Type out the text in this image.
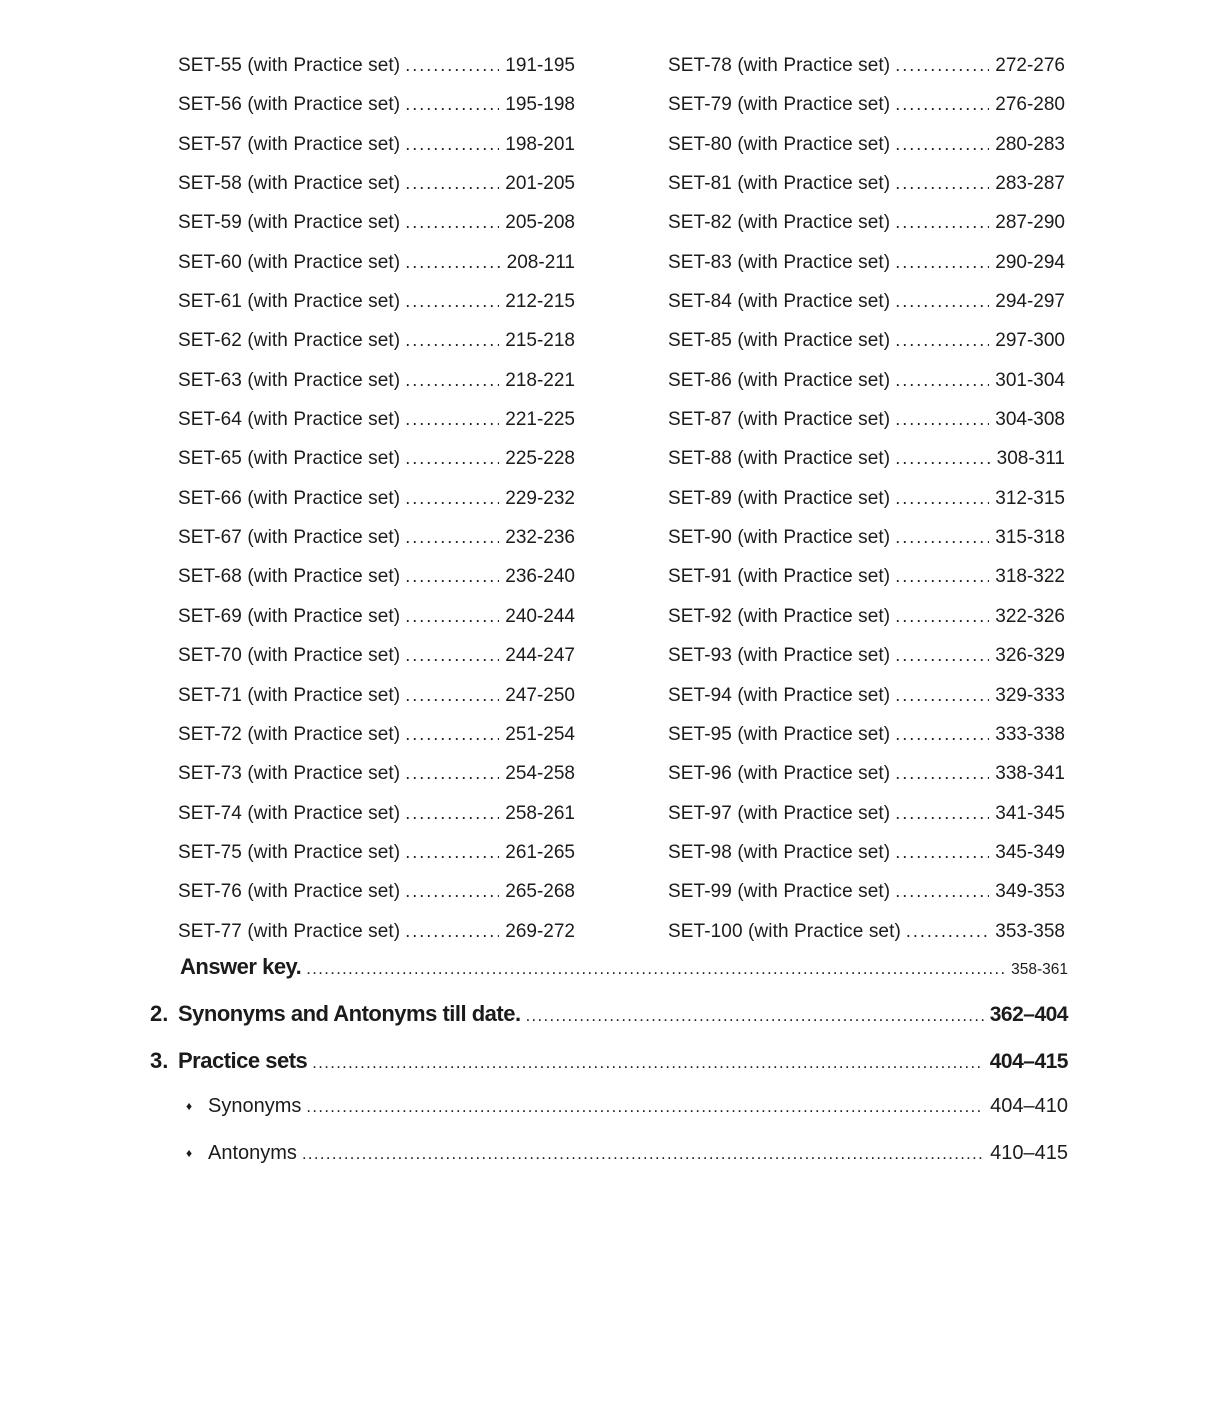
SET-55 (with Practice set) .....	191-195
SET-56 (with Practice set) .....	195-198
SET-57 (with Practice set) .....	198-201
SET-58 (with Practice set) .....	201-205
SET-59 (with Practice set) .....	205-208
SET-60 (with Practice set) .....	208-211
SET-61 (with Practice set) .....	212-215
SET-62 (with Practice set) .....	215-218
SET-63 (with Practice set) .....	218-221
SET-64 (with Practice set) .....	221-225
SET-65 (with Practice set) .....	225-228
SET-66 (with Practice set) .....	229-232
SET-67 (with Practice set) .....	232-236
SET-68 (with Practice set) .....	236-240
SET-69 (with Practice set) .....	240-244
SET-70 (with Practice set) .....	244-247
SET-71 (with Practice set) .....	247-250
SET-72 (with Practice set) .....	251-254
SET-73 (with Practice set) .....	254-258
SET-74 (with Practice set) .....	258-261
SET-75 (with Practice set) .....	261-265
SET-76 (with Practice set) .....	265-268
SET-77 (with Practice set) .....	269-272
SET-78 (with Practice set) .....	272-276
SET-79 (with Practice set) .....	276-280
SET-80 (with Practice set) .....	280-283
SET-81 (with Practice set) .....	283-287
SET-82 (with Practice set) .....	287-290
SET-83 (with Practice set) .....	290-294
SET-84 (with Practice set) .....	294-297
SET-85 (with Practice set) .....	297-300
SET-86 (with Practice set) .....	301-304
SET-87 (with Practice set) .....	304-308
SET-88 (with Practice set) .....	308-311
SET-89 (with Practice set) .....	312-315
SET-90 (with Practice set) .....	315-318
SET-91 (with Practice set) .....	318-322
SET-92 (with Practice set) .....	322-326
SET-93 (with Practice set) .....	326-329
SET-94 (with Practice set) .....	329-333
SET-95 (with Practice set) .....	333-338
SET-96 (with Practice set) .....	338-341
SET-97 (with Practice set) .....	341-345
SET-98 (with Practice set) .....	345-349
SET-99 (with Practice set) .....	349-353
SET-100 (with Practice set) .....	353-358
Answer key. .....	358-361
2. Synonyms and Antonyms till date. .....	362–404
3. Practice sets .....	404–415
♦ Synonyms .....	404–410
♦ Antonyms .....	410–415
